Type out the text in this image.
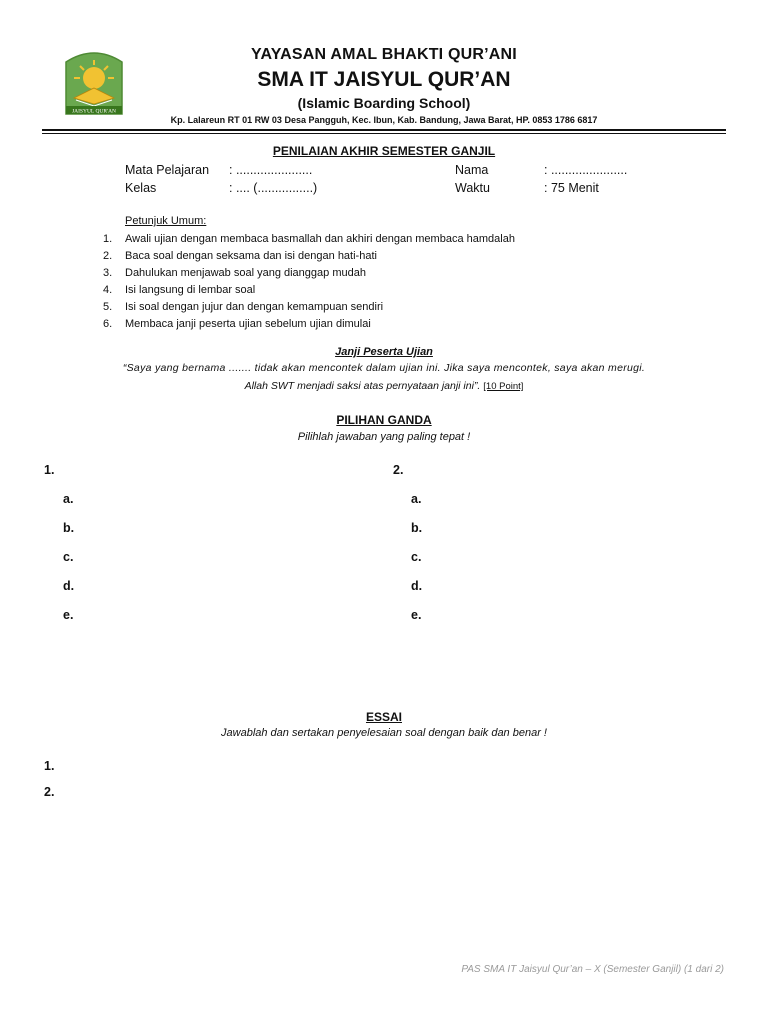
JAISYUL QUR'AN
YAYASAN AMAL BHAKTI QUR’ANI
SMA IT JAISYUL QUR’AN
(Islamic Boarding School)
Kp. Lalareun RT 01 RW 03 Desa Pangguh, Kec. Ibun, Kab. Bandung, Jawa Barat, HP. 0853 1786 6817
PENILAIAN AKHIR SEMESTER GANJIL
Mata Pelajaran : ......................	Nama	: ......................
Kelas	: .... (................)	Waktu	: 75 Menit
Petunjuk Umum:
1. Awali ujian dengan membaca basmallah dan akhiri dengan membaca hamdalah
2. Baca soal dengan seksama dan isi dengan hati-hati
3. Dahulukan menjawab soal yang dianggap mudah
4. Isi langsung di lembar soal
5. Isi soal dengan jujur dan dengan kemampuan sendiri
6. Membaca janji peserta ujian sebelum ujian dimulai
Janji Peserta Ujian
“Saya yang bernama ....... tidak akan mencontek dalam ujian ini. Jika saya mencontek, saya akan merugi.
Allah SWT menjadi saksi atas pernyataan janji ini”. [10 Point]
PILIHAN GANDA
Pilihlah jawaban yang paling tepat !
1.
a.
b.
c.
d.
e.
2.
a.
b.
c.
d.
e.
ESSAI
Jawablah dan sertakan penyelesaian soal dengan baik dan benar !
1.
2.
PAS SMA IT Jaisyul Qur’an – X (Semester Ganjil) (1 dari 2)
